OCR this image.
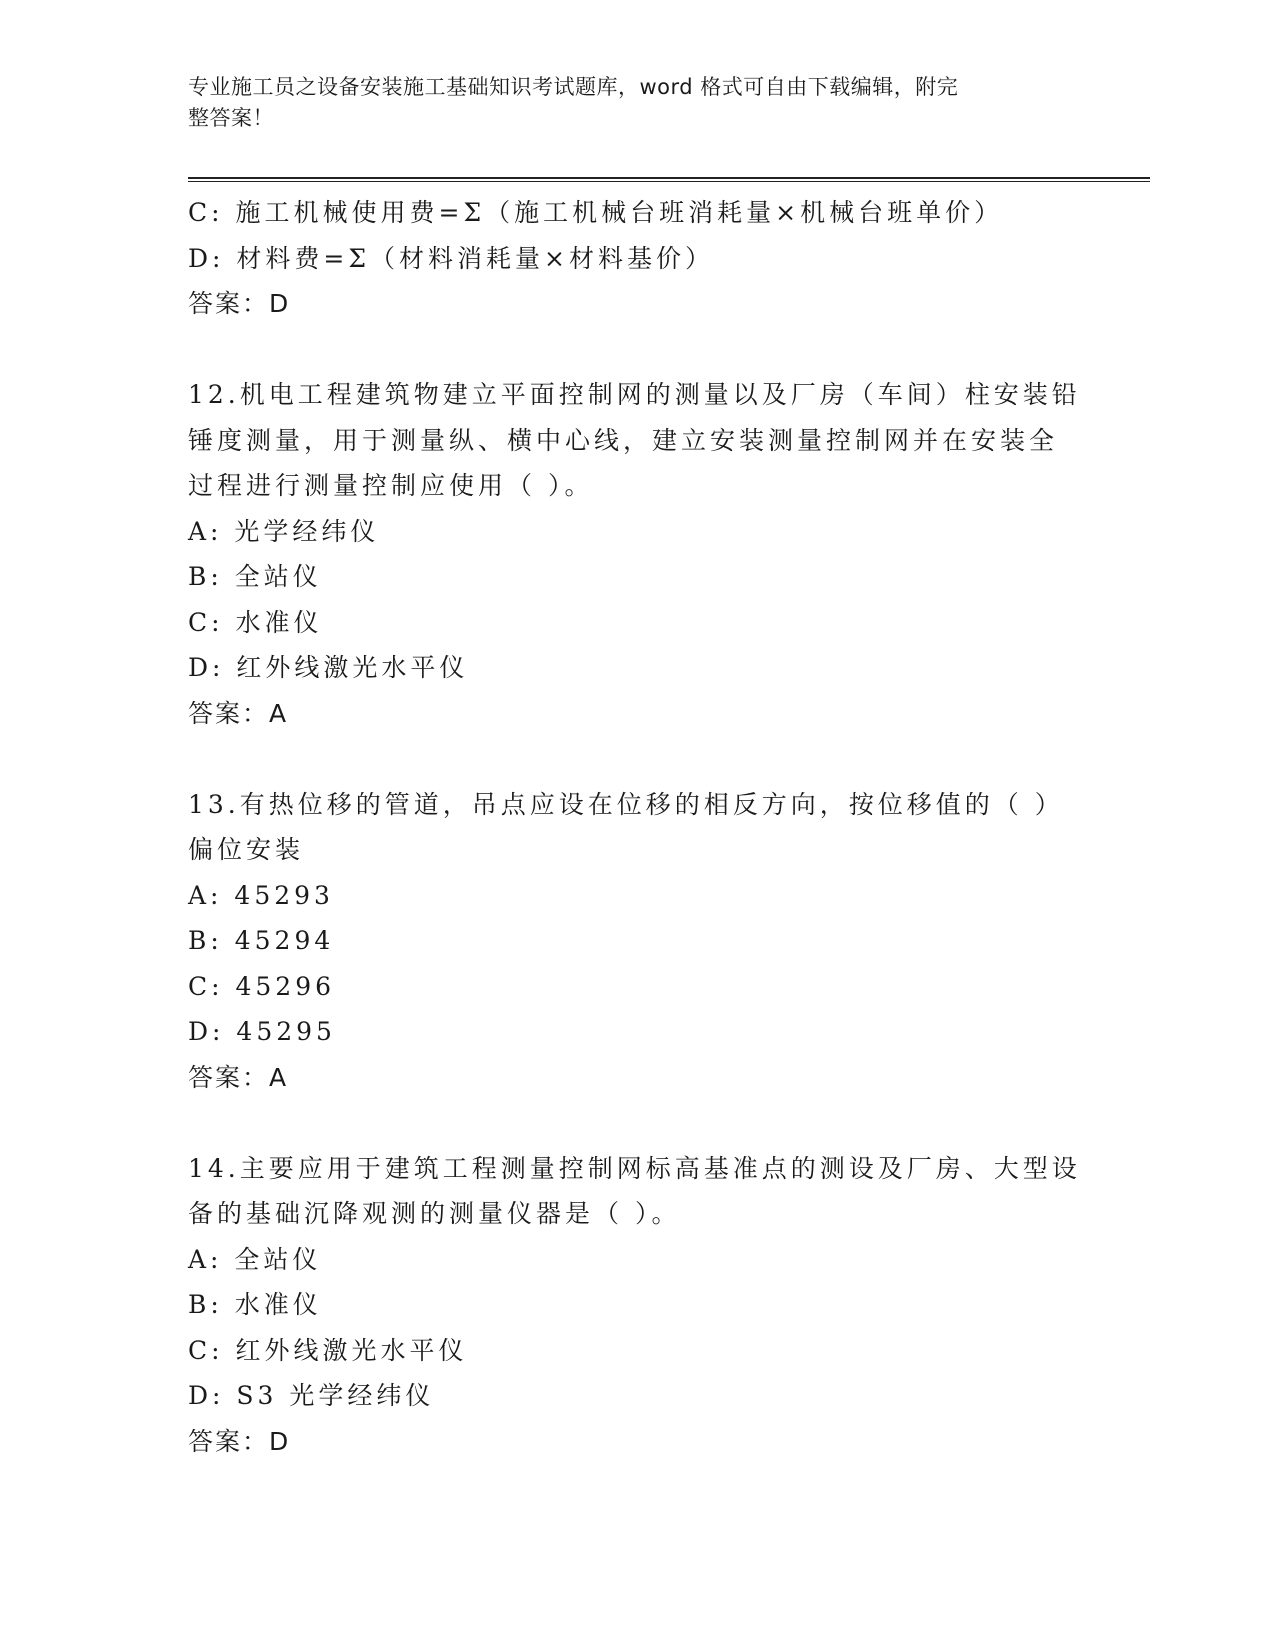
专业施工员之设备安装施工基础知识考试题库，word 格式可自由下载编辑，附完
整答案！
C: 施工机械使用费=Σ（施工机械台班消耗量×机械台班单价）
D: 材料费=Σ（材料消耗量×材料基价）
答案：D
12.机电工程建筑物建立平面控制网的测量以及厂房（车间）柱安装铅
锤度测量，用于测量纵、横中心线，建立安装测量控制网并在安装全
过程进行测量控制应使用（ ）。
A: 光学经纬仪
B: 全站仪
C: 水准仪
D: 红外线激光水平仪
答案：A
13.有热位移的管道，吊点应设在位移的相反方向，按位移值的（ ）
偏位安装
A: 45293
B: 45294
C: 45296
D: 45295
答案：A
14.主要应用于建筑工程测量控制网标高基准点的测设及厂房、大型设
备的基础沉降观测的测量仪器是（ ）。
A: 全站仪
B: 水准仪
C: 红外线激光水平仪
D: S3 光学经纬仪
答案：D
